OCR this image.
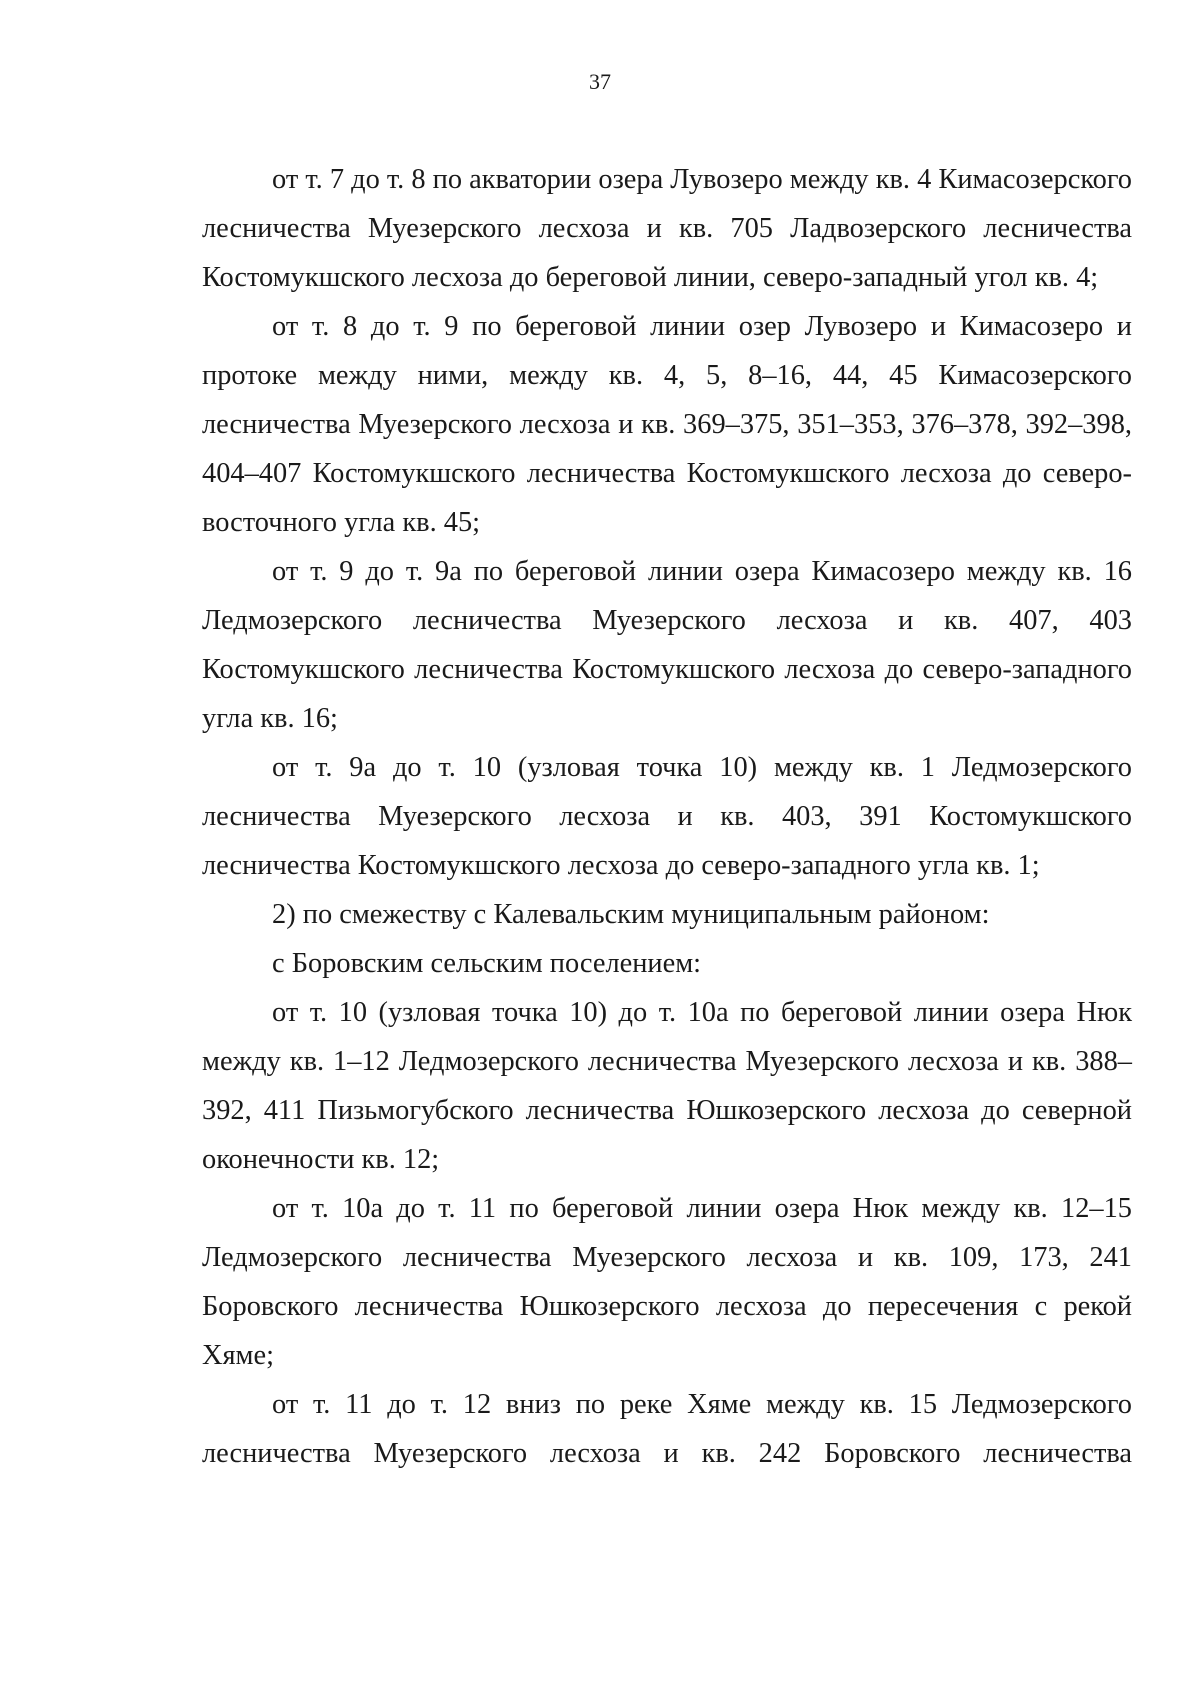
37

от т. 7 до т. 8 по акватории озера Лувозеро между кв. 4 Кимасозерского лесничества Муезерского лесхоза и кв. 705 Ладвозерского лесничества Костомукшского лесхоза до береговой линии, северо-западный угол кв. 4;

от т. 8 до т. 9 по береговой линии озер Лувозеро и Кимасозеро и протоке между ними, между кв. 4, 5, 8–16, 44, 45 Кимасозерского лесничества Муезерского лесхоза и кв. 369–375, 351–353, 376–378, 392–398, 404–407 Костомукшского лесничества Костомукшского лесхоза до северо-восточного угла кв. 45;

от т. 9 до т. 9а по береговой линии озера Кимасозеро между кв. 16 Ледмозерского лесничества Муезерского лесхоза и кв. 407, 403 Костомукшского лесничества Костомукшского лесхоза до северо-западного угла кв. 16;

от т. 9а до т. 10 (узловая точка 10) между кв. 1 Ледмозерского лесничества Муезерского лесхоза и кв. 403, 391 Костомукшского лесничества Костомукшского лесхоза до северо-западного угла кв. 1;

2) по смежеству с Калевальским муниципальным районом:

с Боровским сельским поселением:

от т. 10 (узловая точка 10) до т. 10а по береговой линии озера Нюк между кв. 1–12 Ледмозерского лесничества Муезерского лесхоза и кв. 388–392, 411 Пизьмогубского лесничества Юшкозерского лесхоза до северной оконечности кв. 12;

от т. 10а до т. 11 по береговой линии озера Нюк между кв. 12–15 Ледмозерского лесничества Муезерского лесхоза и кв. 109, 173, 241 Боровского лесничества Юшкозерского лесхоза до пересечения с рекой Хяме;

от т. 11 до т. 12 вниз по реке Хяме между кв. 15 Ледмозерского лесничества Муезерского лесхоза и кв. 242 Боровского лесничества
